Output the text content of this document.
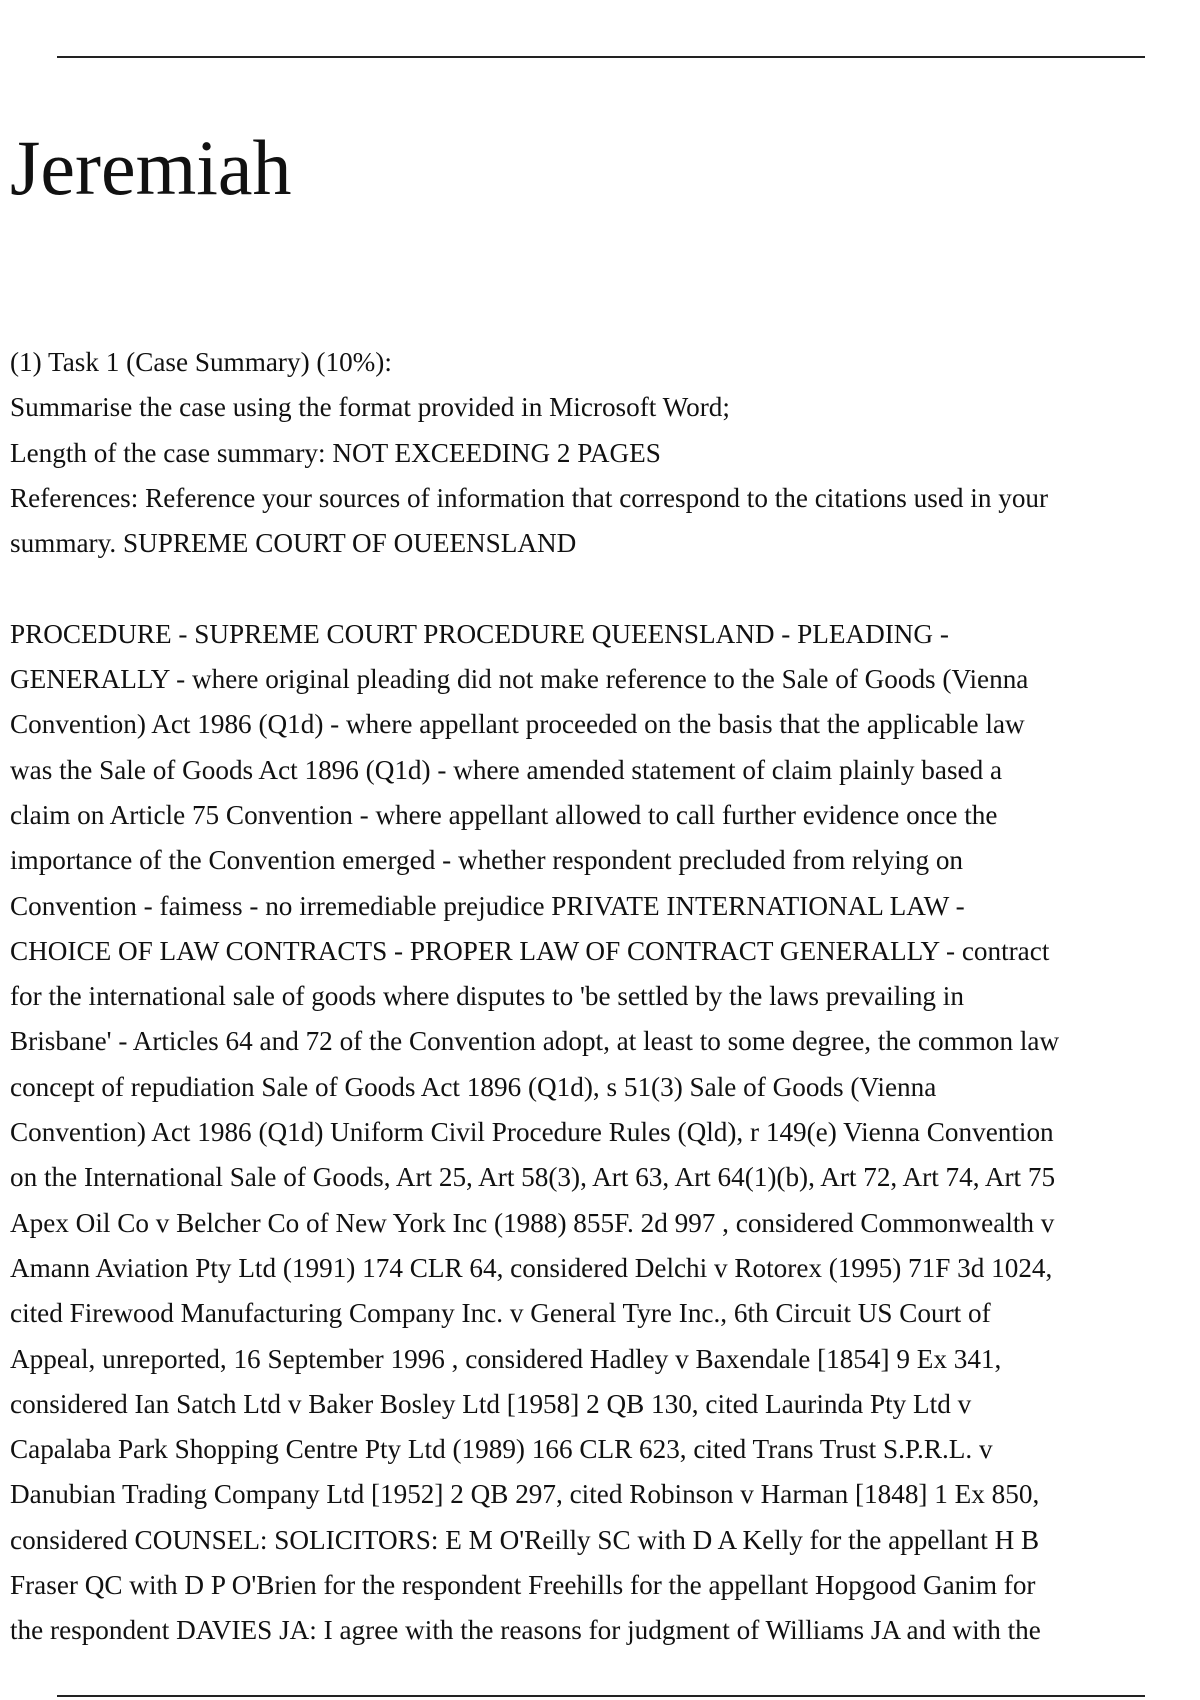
Jeremiah

(1) Task 1 (Case Summary) (10%):

Summarise the case using the format provided in Microsoft Word;

Length of the case summary: NOT EXCEEDING 2 PAGES

References: Reference your sources of information that correspond to the citations used in your

summary. SUPREME COURT OF OUEENSLAND

PROCEDURE - SUPREME COURT PROCEDURE QUEENSLAND - PLEADING -

GENERALLY - where original pleading did not make reference to the Sale of Goods (Vienna

Convention) Act 1986 (Q1d) - where appellant proceeded on the basis that the applicable law

was the Sale of Goods Act 1896 (Q1d) - where amended statement of claim plainly based a

claim on Article 75 Convention - where appellant allowed to call further evidence once the

importance of the Convention emerged - whether respondent precluded from relying on

Convention - faimess - no irremediable prejudice PRIVATE INTERNATIONAL LAW -

CHOICE OF LAW CONTRACTS - PROPER LAW OF CONTRACT GENERALLY - contract

for the international sale of goods where disputes to 'be settled by the laws prevailing in

Brisbane' - Articles 64 and 72 of the Convention adopt, at least to some degree, the common law

concept of repudiation Sale of Goods Act 1896 (Q1d), s 51(3) Sale of Goods (Vienna

Convention) Act 1986 (Q1d) Uniform Civil Procedure Rules (Qld), r 149(e) Vienna Convention

on the International Sale of Goods, Art 25, Art 58(3), Art 63, Art 64(1)(b), Art 72, Art 74, Art 75

Apex Oil Co v Belcher Co of New York Inc (1988) 855F. 2d 997 , considered Commonwealth v

Amann Aviation Pty Ltd (1991) 174 CLR 64, considered Delchi v Rotorex (1995) 71F 3d 1024,

cited Firewood Manufacturing Company Inc. v General Tyre Inc., 6th Circuit US Court of

Appeal, unreported, 16 September 1996 , considered Hadley v Baxendale [1854] 9 Ex 341,

considered Ian Satch Ltd v Baker Bosley Ltd [1958] 2 QB 130, cited Laurinda Pty Ltd v

Capalaba Park Shopping Centre Pty Ltd (1989) 166 CLR 623, cited Trans Trust S.P.R.L. v

Danubian Trading Company Ltd [1952] 2 QB 297, cited Robinson v Harman [1848] 1 Ex 850,

considered COUNSEL: SOLICITORS: E M O'Reilly SC with D A Kelly for the appellant H B

Fraser QC with D P O'Brien for the respondent Freehills for the appellant Hopgood Ganim for

the respondent DAVIES JA: I agree with the reasons for judgment of Williams JA and with the
